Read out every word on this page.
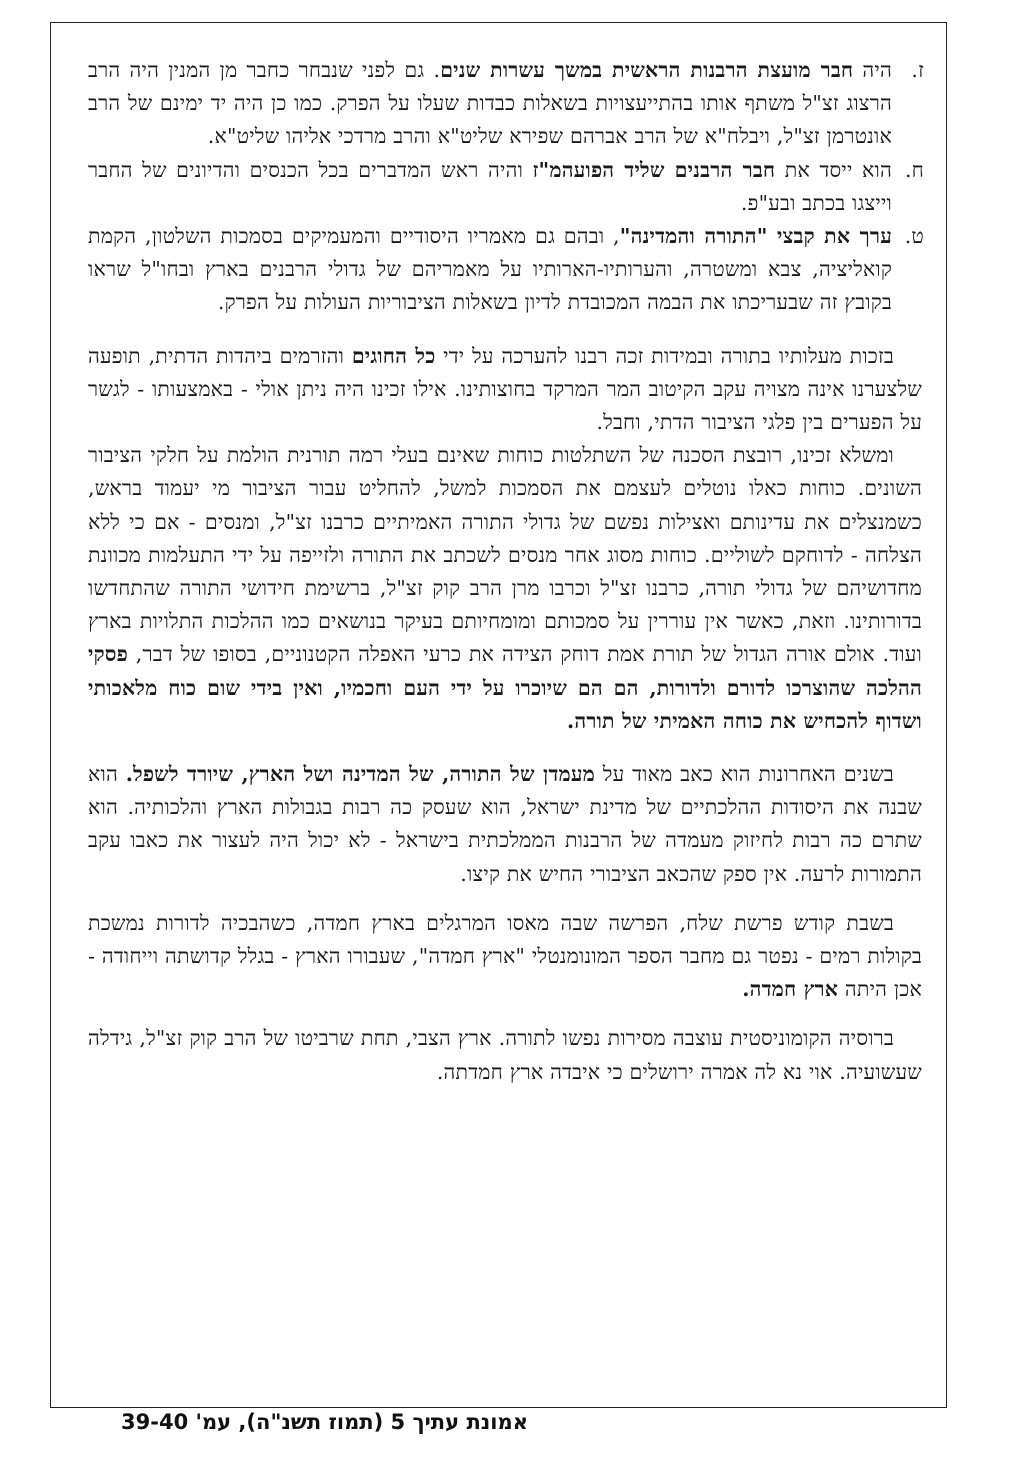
ז.
היה חבר מועצת הרבנות הראשית במשך עשרות שנים. גם לפני שנבחר כחבר מן המנין היה הרב הרצוג זצ"ל משתף אותו בהתייעצויות בשאלות כבדות שעלו על הפרק. כמו כן היה יד ימינם של הרב אונטרמן זצ"ל, ויבלח"א של הרב אברהם שפירא שליט"א והרב מרדכי אליהו שליט"א.
ח.
הוא ייסד את חבר הרבנים שליד הפועהמ"ז והיה ראש המדברים בכל הכנסים והדיונים של החבר וייצגו בכתב ובע"פ.
ט.
ערך את קבצי "התורה והמדינה", ובהם גם מאמריו היסודיים והמעמיקים בסמכות השלטון, הקמת קואליציה, צבא ומשטרה, והערותיו-הארותיו על מאמריהם של גדולי הרבנים בארץ ובחו"ל שראו בקובץ זה שבעריכתו את הבמה המכובדת לדיון בשאלות הציבוריות העולות על הפרק.

בזכות מעלותיו בתורה ובמידות זכה רבנו להערכה על ידי כל החוגים והזרמים ביהדות הדתית, תופעה שלצערנו אינה מצויה עקב הקיטוב המר המרקד בחוצותינו. אילו זכינו היה ניתן אולי - באמצעותו - לגשר על הפערים בין פלגי הציבור הדתי, וחבל.

ומשלא זכינו, רובצת הסכנה של השתלטות כוחות שאינם בעלי רמה תורנית הולמת על חלקי הציבור השונים. כוחות כאלו נוטלים לעצמם את הסמכות למשל, להחליט עבור הציבור מי יעמוד בראש, כשמנצלים את עדינותם ואצילות נפשם של גדולי התורה האמיתיים כרבנו זצ"ל, ומנסים - אם כי ללא הצלחה - לדוחקם לשוליים. כוחות מסוג אחר מנסים לשכתב את התורה ולזייפה על ידי התעלמות מכוונת מחדושיהם של גדולי תורה, כרבנו זצ"ל וכרבו מרן הרב קוק זצ"ל, ברשימת חידושי התורה שהתחדשו בדורותינו. וזאת, כאשר אין עוררין על סמכותם ומומחיותם בעיקר בנושאים כמו ההלכות התלויות בארץ ועוד. אולם אורה הגדול של תורת אמת דוחק הצידה את כרעי האפלה הקטנוניים, בסופו של דבר, פסקי ההלכה שהוצרכו לדורם ולדורות, הם הם שיוכרו על ידי העם וחכמיו, ואין בידי שום כוח מלאכותי ושדוף להכחיש את כוחה האמיתי של תורה.

בשנים האחרונות הוא כאב מאוד על מעמדן של התורה, של המדינה ושל הארץ, שיורד לשפל. הוא שבנה את היסודות ההלכתיים של מדינת ישראל, הוא שעסק כה רבות בגבולות הארץ והלכותיה. הוא שתרם כה רבות לחיזוק מעמדה של הרבנות הממלכתית בישראל - לא יכול היה לעצור את כאבו עקב התמורות לרעה. אין ספק שהכאב הציבורי החיש את קיצו.

בשבת קודש פרשת שלח, הפרשה שבה מאסו המרגלים בארץ חמדה, כשהבכיה לדורות נמשכת בקולות רמים - נפטר גם מחבר הספר המונומנטלי "ארץ חמדה", שעבורו הארץ - בגלל קדושתה וייחודה - אכן היתה ארץ חמדה.

ברוסיה הקומוניסטית עוצבה מסירות נפשו לתורה. ארץ הצבי, תחת שרביטו של הרב קוק זצ"ל, גידלה שעשועיה. אוי נא לה אמרה ירושלים כי איבדה ארץ חמדתה.

אמונת עתיך 5 (תמוז תשנ"ה), עמ' 39-40
